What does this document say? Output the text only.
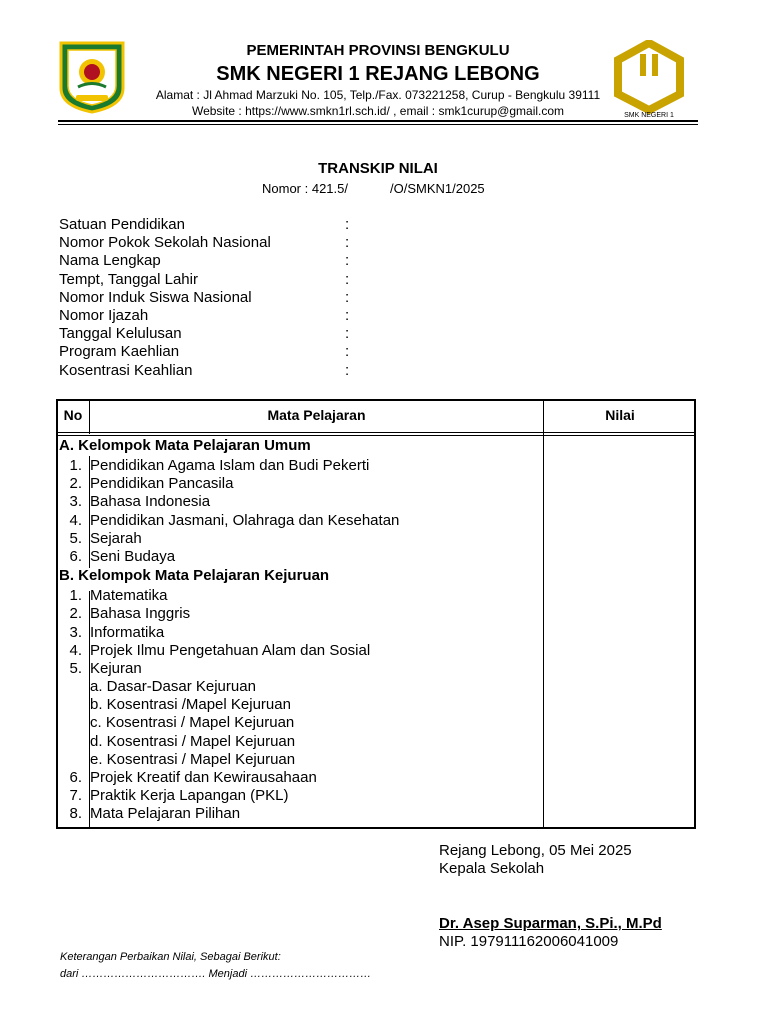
SMK NEGERI 1
PEMERINTAH PROVINSI BENGKULU
SMK NEGERI 1 REJANG LEBONG
Alamat : Jl Ahmad Marzuki No. 105, Telp./Fax. 073221258, Curup - Bengkulu 39111
Website : https://www.smkn1rl.sch.id/ , email : smk1curup@gmail.com
TRANSKIP NILAI
Nomor : 421.5/	/O/SMKN1/2025
Satuan Pendidikan	:
Nomor Pokok Sekolah Nasional	:
Nama Lengkap	:
Tempt, Tanggal Lahir	:
Nomor Induk Siswa Nasional	:
Nomor Ijazah	:
Tanggal Kelulusan	:
Program Kaehlian	:
Kosentrasi Keahlian	:
No	Mata Pelajaran	Nilai
A. Kelompok Mata Pelajaran Umum
1. Pendidikan Agama Islam dan Budi Pekerti
2. Pendidikan Pancasila
3. Bahasa Indonesia
4. Pendidikan Jasmani, Olahraga dan Kesehatan
5. Sejarah
6. Seni Budaya
B. Kelompok Mata Pelajaran Kejuruan
1. Matematika
2. Bahasa Inggris
3. Informatika
4. Projek Ilmu Pengetahuan Alam dan Sosial
5. Kejuran
a. Dasar-Dasar Kejuruan
b. Kosentrasi /Mapel Kejuruan
c. Kosentrasi / Mapel Kejuruan
d. Kosentrasi / Mapel Kejuruan
e. Kosentrasi / Mapel Kejuruan
6. Projek Kreatif dan Kewirausahaan
7. Praktik Kerja Lapangan (PKL)
8. Mata Pelajaran Pilihan
Rejang Lebong, 05 Mei 2025
Kepala Sekolah
Dr. Asep Suparman, S.Pi., M.Pd
NIP. 197911162006041009
Keterangan Perbaikan Nilai, Sebagai Berikut:
dari ……………………………. Menjadi ……………………………
